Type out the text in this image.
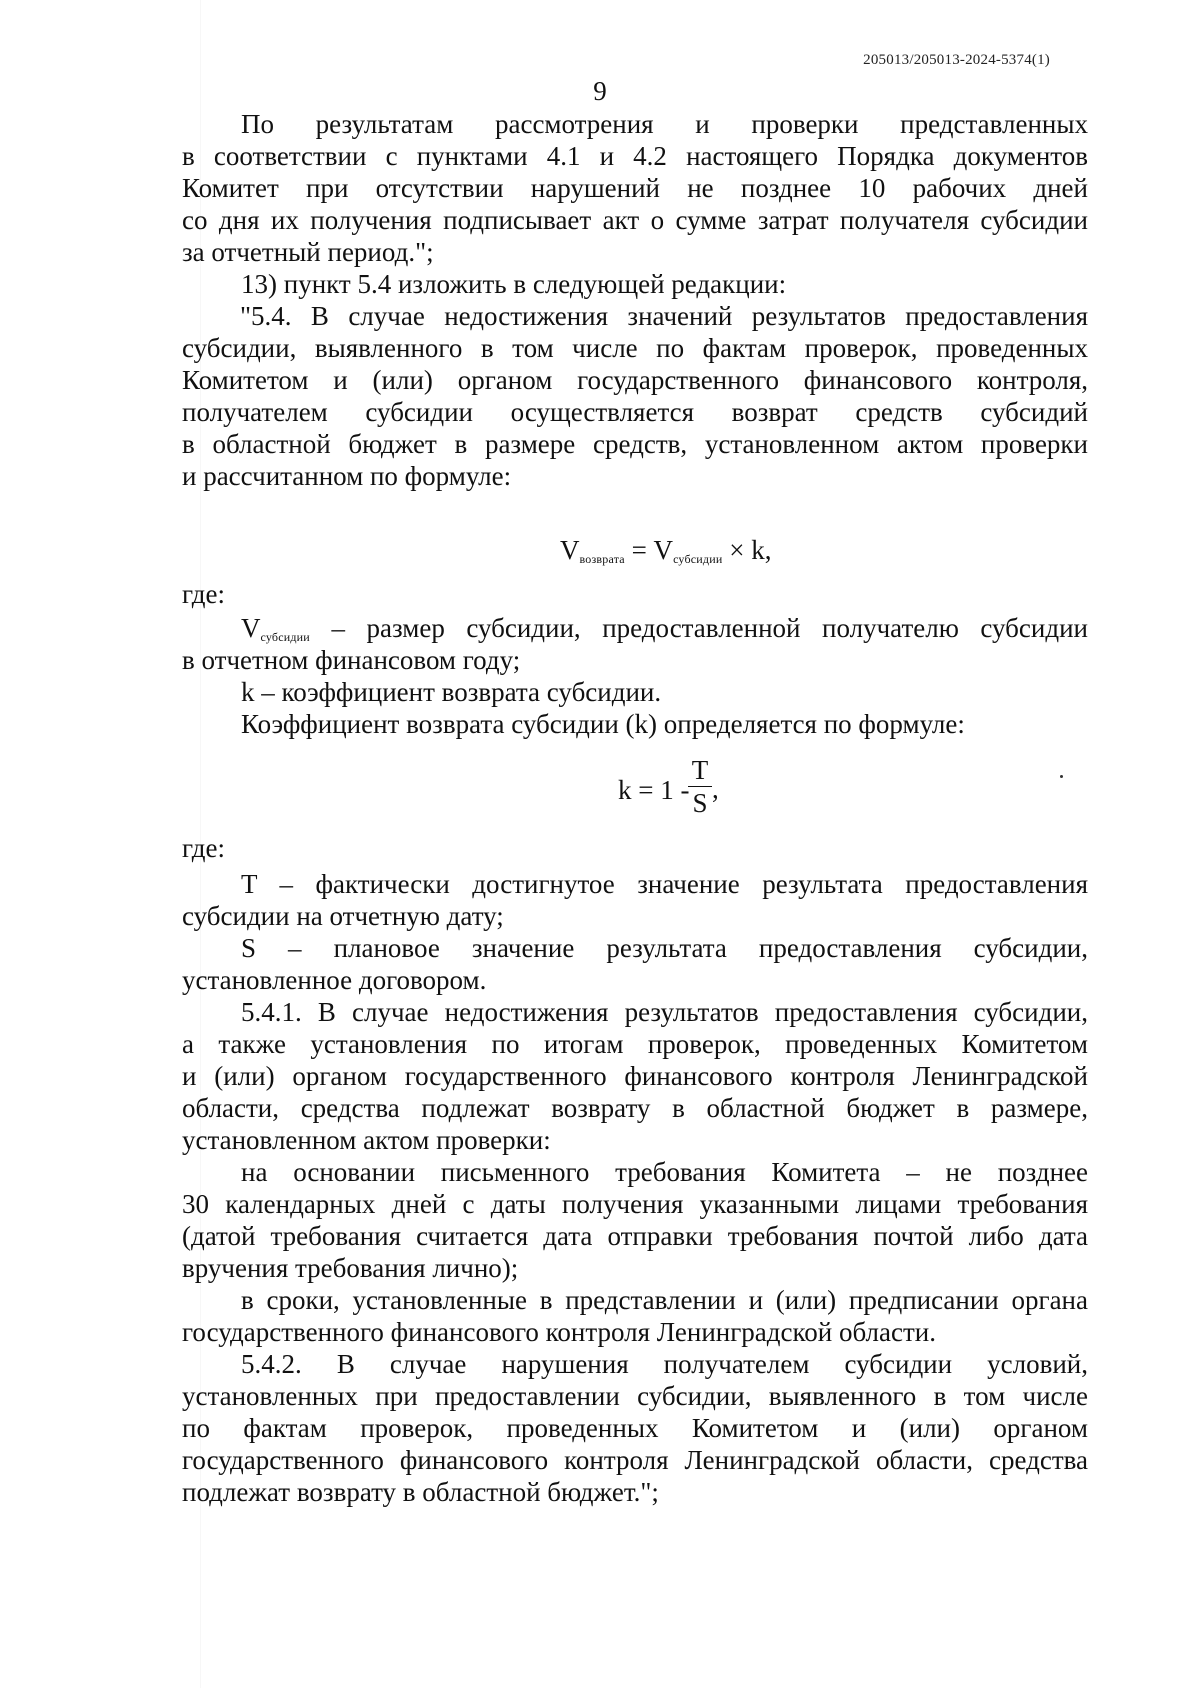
205013/205013-2024-5374(1)
9

По результатам рассмотрения и проверки представленных

в соответствии с пунктами 4.1 и 4.2 настоящего Порядка документов

Комитет при отсутствии нарушений не позднее 10 рабочих дней

со дня их получения подписывает акт о сумме затрат получателя субсидии

за отчетный период.";

13) пункт 5.4 изложить в следующей редакции:

"5.4. В случае недостижения значений результатов предоставления

субсидии, выявленного в том числе по фактам проверок, проведенных

Комитетом и (или) органом государственного финансового контроля,

получателем субсидии осуществляется возврат средств субсидий

в областной бюджет в размере средств, установленном актом проверки

и рассчитанном по формуле:

Vвозврата = Vсубсидии × k,

где:

Vсубсидии – размер субсидии, предоставленной получателю субсидии

в отчетном финансовом году;

k – коэффициент возврата субсидии.

Коэффициент возврата субсидии (k) определяется по формуле:

k = 1 -
T
S ,

где:

T – фактически достигнутое значение результата предоставления

субсидии на отчетную дату;

S – плановое значение результата предоставления субсидии,

установленное договором.

5.4.1. В случае недостижения результатов предоставления субсидии,

а также установления по итогам проверок, проведенных Комитетом

и (или) органом государственного финансового контроля Ленинградской

области, средства подлежат возврату в областной бюджет в размере,

установленном актом проверки:

на основании письменного требования Комитета – не позднее

30 календарных дней с даты получения указанными лицами требования

(датой требования считается дата отправки требования почтой либо дата

вручения требования лично);

в сроки, установленные в представлении и (или) предписании органа

государственного финансового контроля Ленинградской области.

5.4.2. В случае нарушения получателем субсидии условий,

установленных при предоставлении субсидии, выявленного в том числе

по фактам проверок, проведенных Комитетом и (или) органом

государственного финансового контроля Ленинградской области, средства

подлежат возврату в областной бюджет.";
